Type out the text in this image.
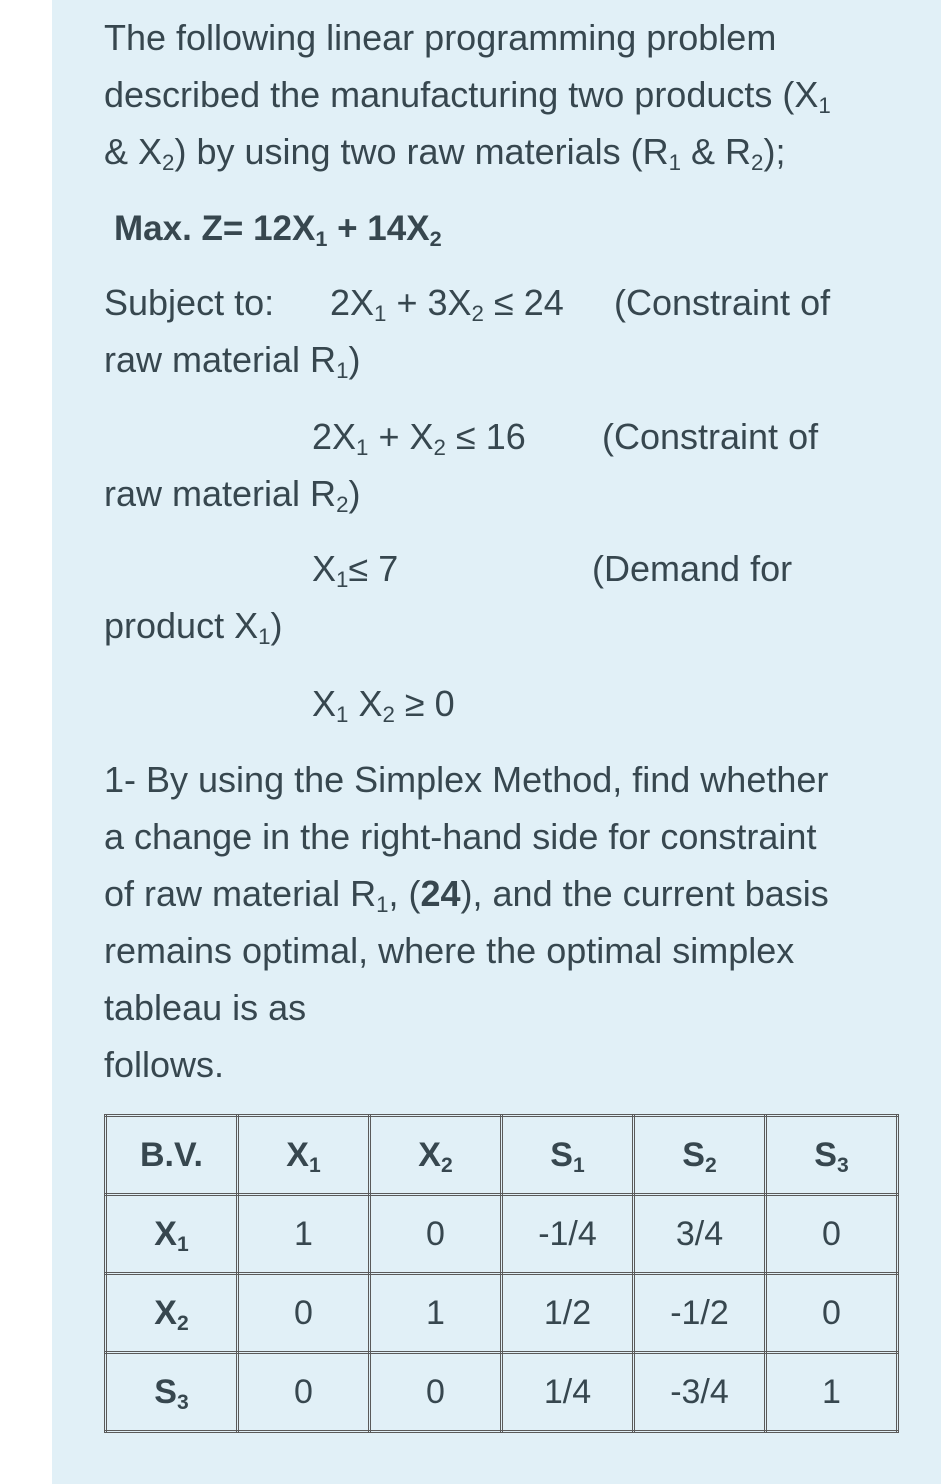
The following linear programming problem
described the manufacturing two products ($X_1$
& $X_2$) by using two raw materials ($R_1$ & $R_2$);
Max. $Z= 12X_1 + 14X_2$
Subject to: $2X_1 + 3X_2 \le 24$ (Constraint of
raw material $R_1$)
$2X_1 + X_2 \le 16$ (Constraint of
raw material $R_2$)
$X_1\le 7$	(Demand for
product $X_1$)
$X_1$ $X_2 \ge 0$
1- By using the Simplex Method, find whether
a change in the right-hand side for constraint
of raw material $R_1$, (24), and the current basis
remains optimal, where the optimal simplex
tableau is as
follows.
B.V.	$X_1$	$X_2$	$S_1$	$S_2$	$S_3$
$X_1$	1	0	-1/4	3/4	0
$X_2$	0	1	1/2	-1/2	0
$S_3$	0	0	1/4	-3/4	1
